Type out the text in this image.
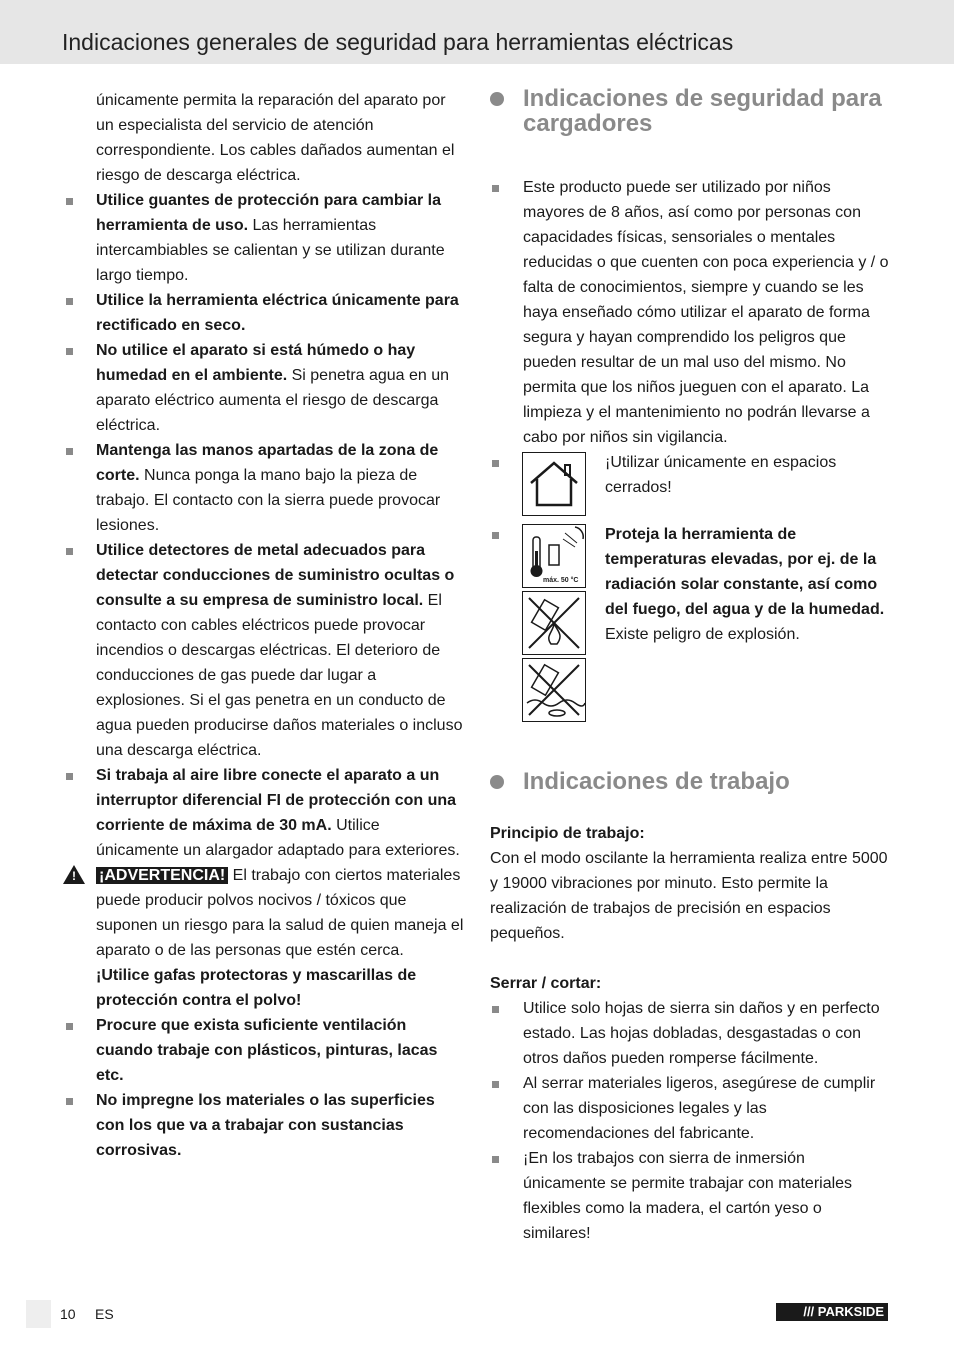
Indicaciones generales de seguridad para herramientas eléctricas

únicamente permita la reparación del aparato por un especialista del servicio de atención correspondiente. Los cables dañados aumentan el riesgo de descarga eléctrica.

Utilice guantes de protección para cambiar la herramienta de uso. Las herramientas intercambiables se calientan y se utilizan durante largo tiempo.

Utilice la herramienta eléctrica únicamente para rectificado en seco.

No utilice el aparato si está húmedo o hay humedad en el ambiente. Si penetra agua en un aparato eléctrico aumenta el riesgo de descarga eléctrica.

Mantenga las manos apartadas de la zona de corte. Nunca ponga la mano bajo la pieza de trabajo. El contacto con la sierra puede provocar lesiones.

Utilice detectores de metal adecuados para detectar conducciones de suministro ocultas o consulte a su empresa de suministro local. El contacto con cables eléctricos puede provocar incendios o descargas eléctricas. El deterioro de conducciones de gas puede dar lugar a explosiones. Si el gas penetra en un conducto de agua pueden producirse daños materiales o incluso una descarga eléctrica.

Si trabaja al aire libre conecte el aparato a un interruptor diferencial FI de protección con una corriente de máxima de 30 mA. Utilice únicamente un alargador adaptado para exteriores.

! ¡ADVERTENCIA! El trabajo con ciertos materiales puede producir polvos nocivos / tóxicos que suponen un riesgo para la salud de quien maneja el aparato o de las personas que estén cerca.

¡Utilice gafas protectoras y mascarillas de protección contra el polvo!

Procure que exista suficiente ventilación cuando trabaje con plásticos, pinturas, lacas etc.

No impregne los materiales o las superficies con los que va a trabajar con sustancias corrosivas.

Indicaciones de seguridad para cargadores

Este producto puede ser utilizado por niños mayores de 8 años, así como por personas con capacidades físicas, sensoriales o mentales reducidas o que cuenten con poca experiencia y / o falta de conocimientos, siempre y cuando se les haya enseñado cómo utilizar el aparato de forma segura y hayan comprendido los peligros que pueden resultar de un mal uso del mismo. No permita que los niños jueguen con el aparato. La limpieza y el mantenimiento no podrán llevarse a cabo por niños sin vigilancia.

¡Utilizar únicamente en espacios cerrados!
máx. 50 °C
Proteja la herramienta de temperaturas elevadas, por ej. de la radiación solar constante, así como del fuego, del agua y de la humedad. Existe peligro de explosión.
Indicaciones de trabajo

Principio de trabajo:

Con el modo oscilante la herramienta realiza entre 5000 y 19000 vibraciones por minuto. Esto permite la realización de trabajos de precisión en espacios pequeños.

Serrar / cortar:

Utilice solo hojas de sierra sin daños y en perfecto estado. Las hojas dobladas, desgastadas o con otros daños pueden romperse fácilmente.

Al serrar materiales ligeros, asegúrese de cumplir con las disposiciones legales y las recomendaciones del fabricante.

¡En los trabajos con sierra de inmersión únicamente se permite trabajar con materiales flexibles como la madera, el cartón yeso o similares!

10 ES	/// PARKSIDE
